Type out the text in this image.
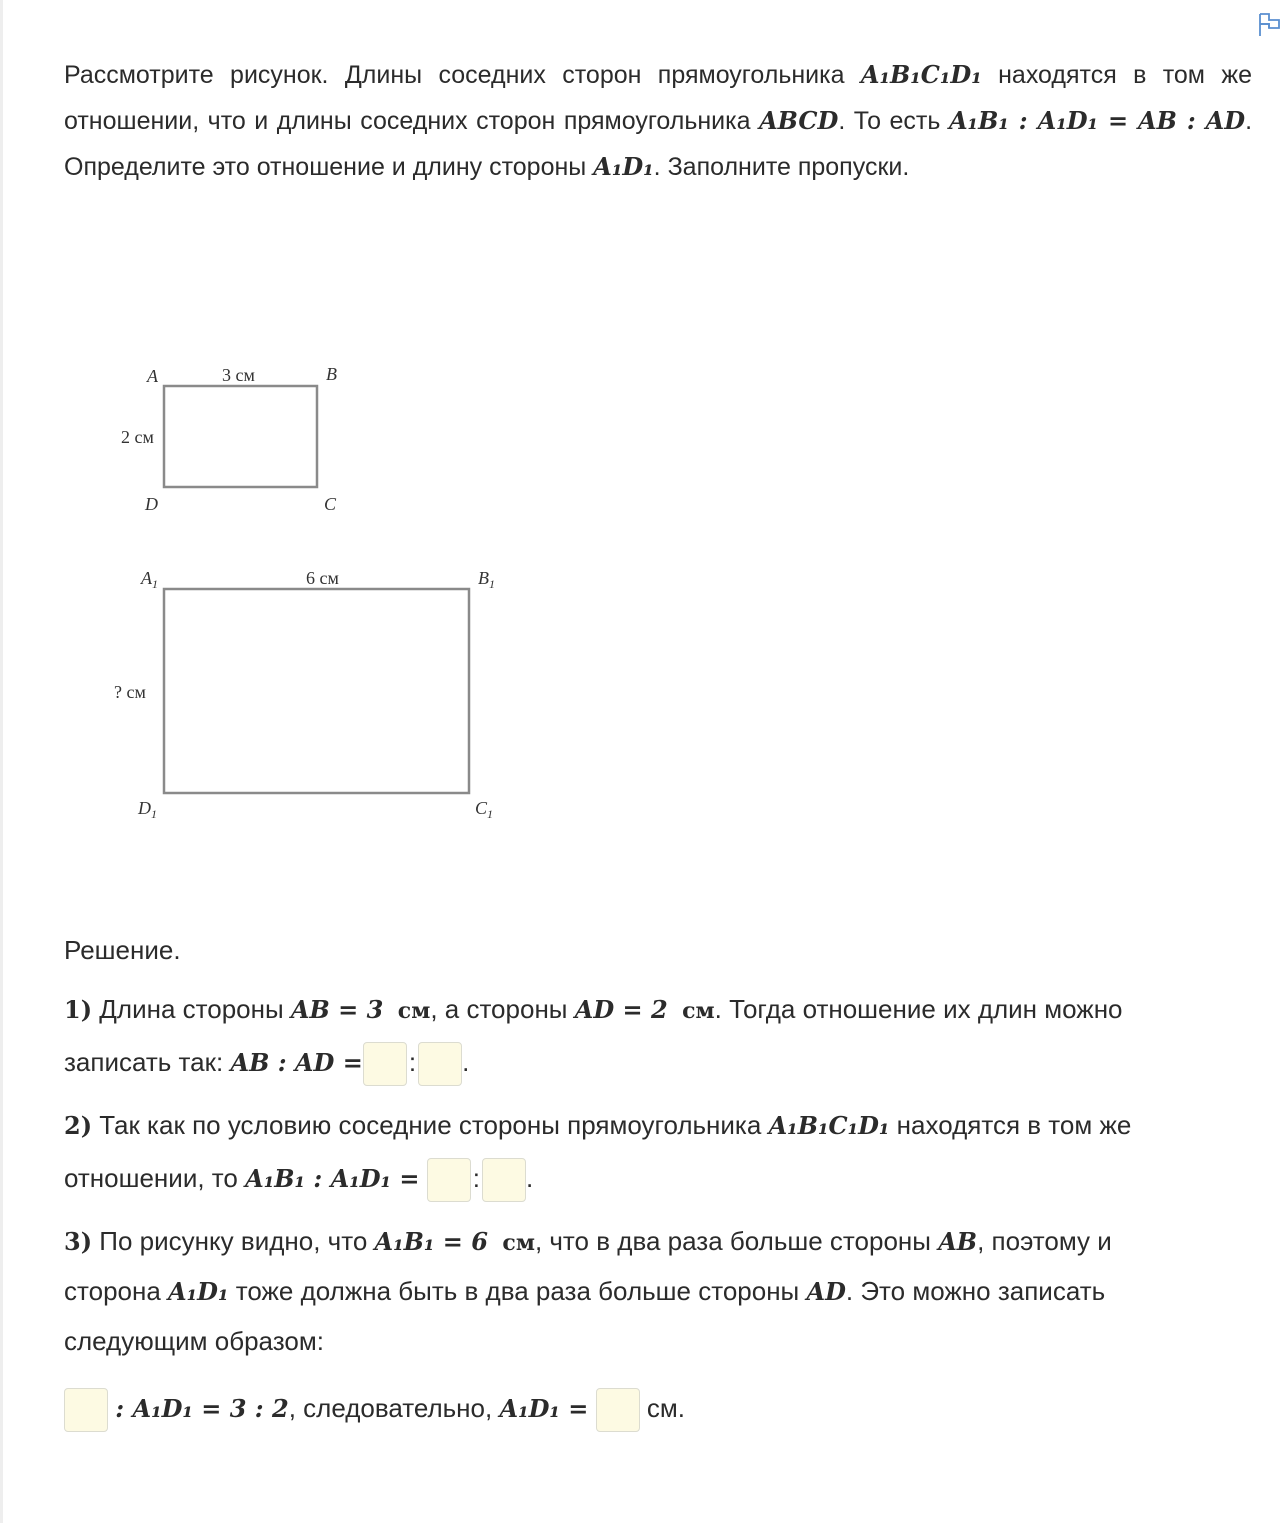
Рассмотрите рисунок. Длины соседних сторон прямоугольника A₁B₁C₁D₁ находятся в том же отношении, что и длины соседних сторон прямоугольника ABCD. То есть A₁B₁ : A₁D₁ = AB : AD. Определите это отношение и длину стороны A₁D₁. Заполните пропуски.

A	B
D	C
3 см
2 см
$A_1$	$B_1$
$D_1$	$C_1$
6 см
? см
Решение.
1) Длина стороны AB = 3 см, а стороны AD = 2 см. Тогда отношение их длин можно
записать так: AB : AD = : .
2) Так как по условию соседние стороны прямоугольника A₁B₁C₁D₁ находятся в том же
отношении, то A₁B₁ : A₁D₁ = : .
3) По рисунку видно, что A₁B₁ = 6 см, что в два раза больше стороны AB, поэтому и
сторона A₁D₁ тоже должна быть в два раза больше стороны AD. Это можно записать
следующим образом:
: A₁D₁ = 3 : 2, следовательно, A₁D₁ = см.
